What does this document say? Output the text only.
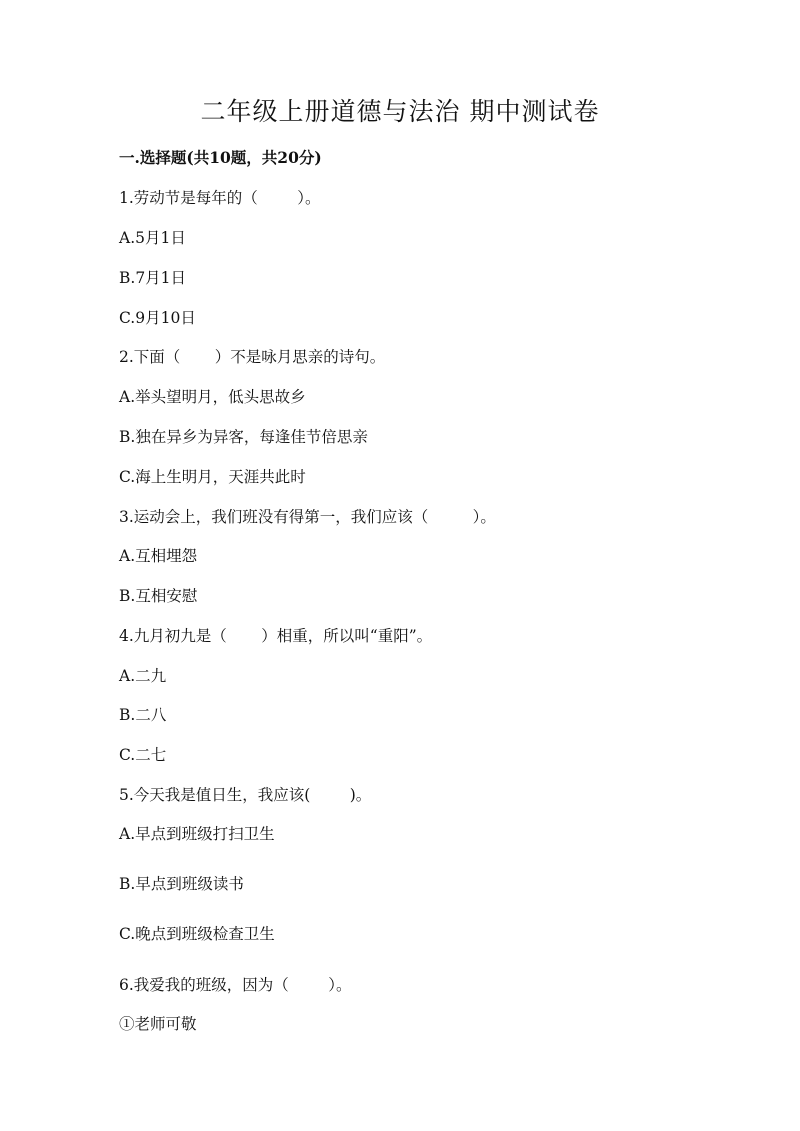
二年级上册道德与法治 期中测试卷
一.选择题(共10题，共20分)
1.劳动节是每年的（        ）。
A.5月1日
B.7月1日
C.9月10日
2.下面（       ）不是咏月思亲的诗句。
A.举头望明月，低头思故乡
B.独在异乡为异客，每逢佳节倍思亲
C.海上生明月，天涯共此时
3.运动会上，我们班没有得第一，我们应该（         ）。
A.互相埋怨
B.互相安慰
4.九月初九是（       ）相重，所以叫“重阳”。
A.二九
B.二八
C.二七
5.今天我是值日生，我应该(        )。
A.早点到班级打扫卫生
B.早点到班级读书
C.晚点到班级检查卫生
6.我爱我的班级，因为（        ）。
①老师可敬
